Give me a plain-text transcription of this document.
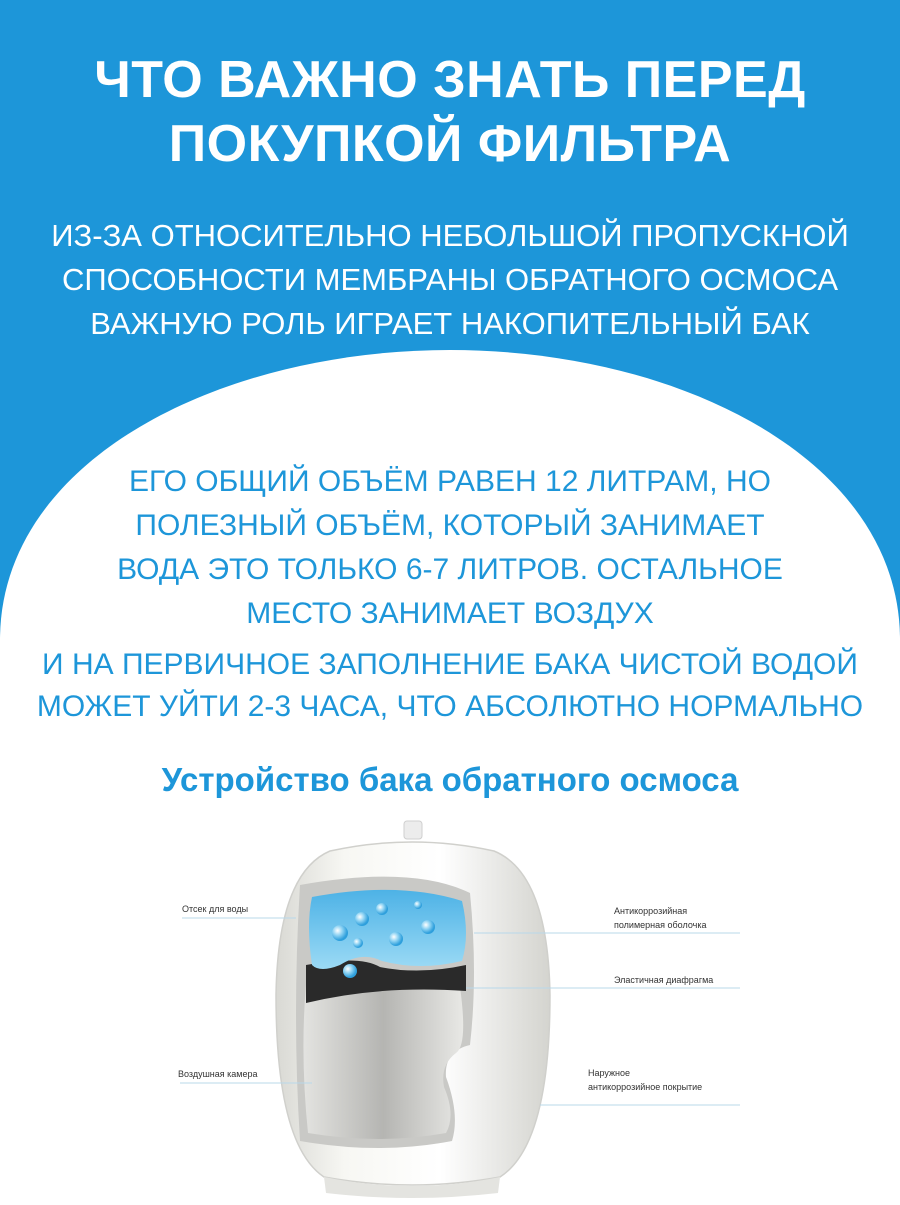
ЧТО ВАЖНО ЗНАТЬ ПЕРЕД
ПОКУПКОЙ ФИЛЬТРА
ИЗ-ЗА ОТНОСИТЕЛЬНО НЕБОЛЬШОЙ ПРОПУСКНОЙ
СПОСОБНОСТИ МЕМБРАНЫ ОБРАТНОГО ОСМОСА
ВАЖНУЮ РОЛЬ ИГРАЕТ НАКОПИТЕЛЬНЫЙ БАК
ЕГО ОБЩИЙ ОБЪЁМ РАВЕН 12 ЛИТРАМ, НО
ПОЛЕЗНЫЙ ОБЪЁМ, КОТОРЫЙ ЗАНИМАЕТ
ВОДА ЭТО ТОЛЬКО 6-7 ЛИТРОВ. ОСТАЛЬНОЕ
МЕСТО ЗАНИМАЕТ ВОЗДУХ
И НА ПЕРВИЧНОЕ ЗАПОЛНЕНИЕ БАКА ЧИСТОЙ ВОДОЙ
МОЖЕТ УЙТИ 2-3 ЧАСА, ЧТО АБСОЛЮТНО НОРМАЛЬНО
Устройство бака обратного осмоса
Отсек для воды
Воздушная камера
Антикоррозийная
полимерная оболочка
Эластичная диафрагма
Наружное
антикоррозийное покрытие
